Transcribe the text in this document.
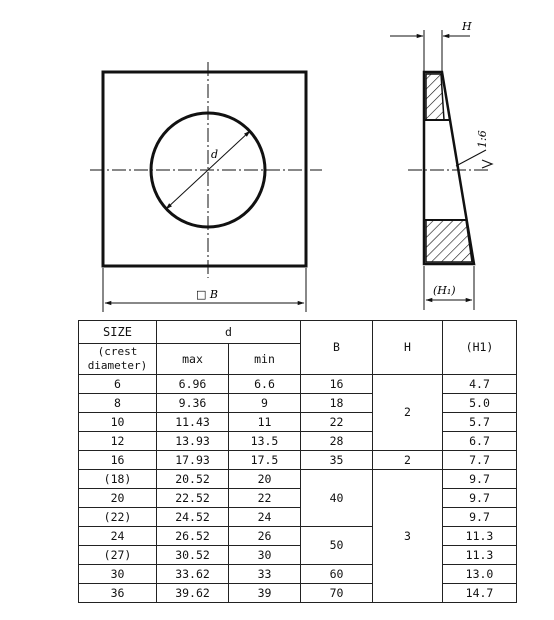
d
□ B
H
1:6
(H₁)
SIZE	d		B	H	(H1)
(crest diameter)	max	min			
6	6.96	6.6	16	2	4.7
8	9.36	9	18		5.0
10	11.43	11	22		5.7
12	13.93	13.5	28		6.7
16	17.93	17.5	35	2	7.7
(18)	20.52	20	40	3	9.7
20	22.52	22			9.7
(22)	24.52	24			9.7
24	26.52	26	50		11.3
(27)	30.52	30			11.3
30	33.62	33	60		13.0
36	39.62	39	70		14.7
